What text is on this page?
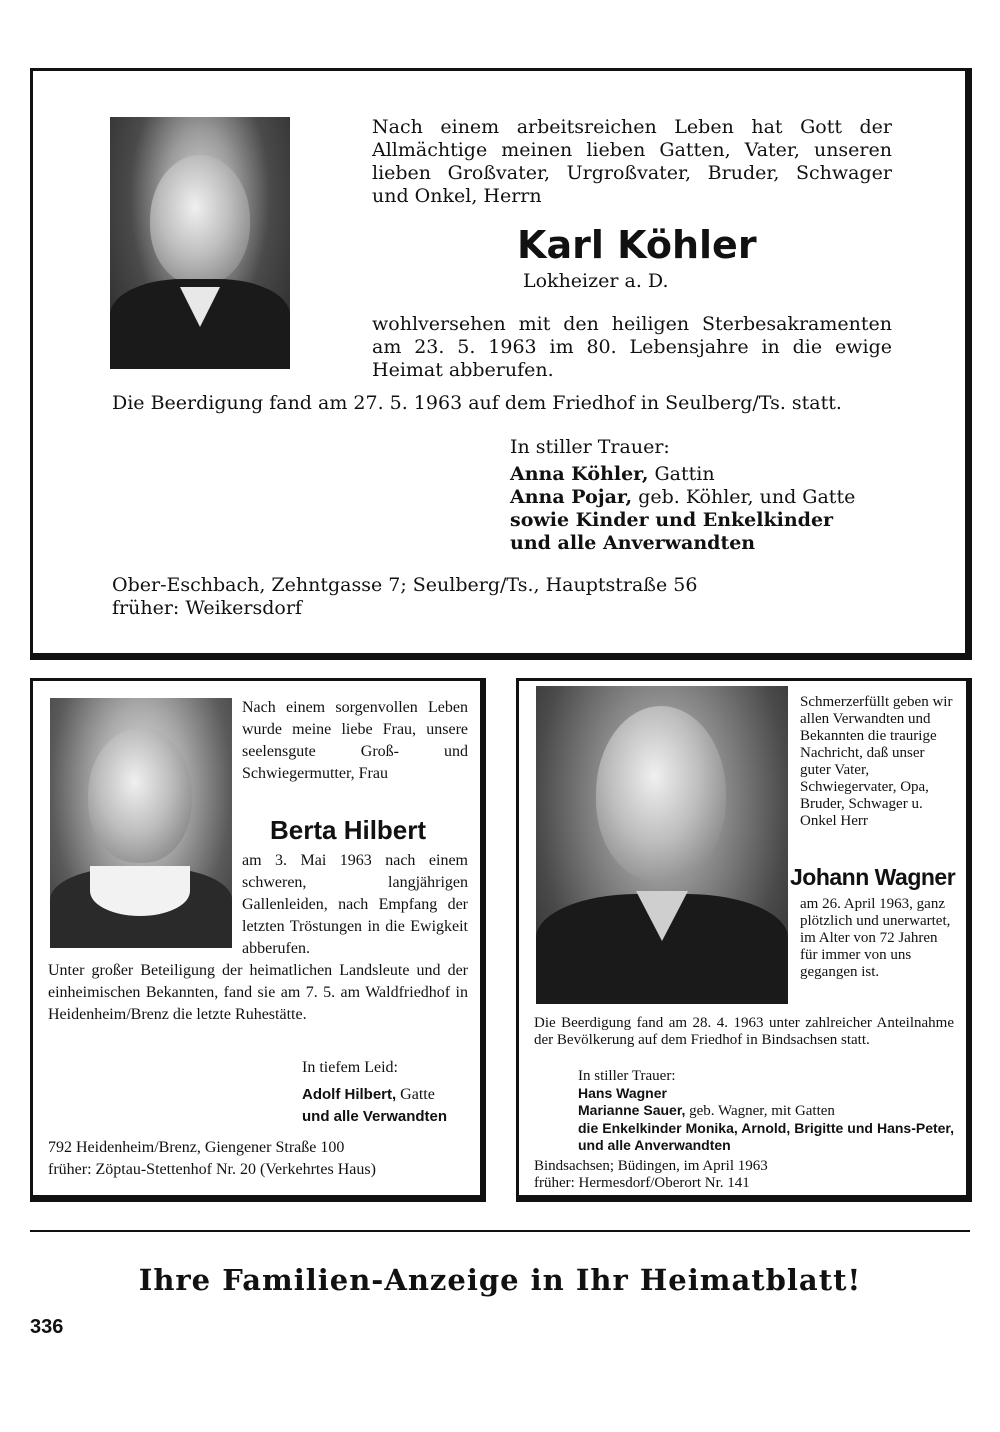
Nach einem arbeitsreichen Leben hat Gott der Allmächtige meinen lieben Gatten, Vater, unseren lieben Großvater, Urgroßvater, Bruder, Schwager und Onkel, Herrn

Karl Köhler
Lokheizer a. D.

wohlversehen mit den heiligen Sterbesakramenten am 23. 5. 1963 im 80. Lebensjahre in die ewige Heimat abberufen.

Die Beerdigung fand am 27. 5. 1963 auf dem Friedhof in Seulberg/Ts. statt.
In stiller Trauer:
Anna Köhler, Gattin
Anna Pojar, geb. Köhler, und Gatte
sowie Kinder und Enkelkinder
und alle Anverwandten
Ober-Eschbach, Zehntgasse 7; Seulberg/Ts., Hauptstraße 56
früher: Weikersdorf

Nach einem sorgenvollen Leben wurde meine liebe Frau, unsere seelensgute Groß- und Schwiegermutter, Frau

Berta Hilbert

am 3. Mai 1963 nach einem schweren, langjährigen Gallenleiden, nach Empfang der letzten Tröstungen in die Ewigkeit abberufen.

Unter großer Beteiligung der heimatlichen Landsleute und der einheimischen Bekannten, fand sie am 7. 5. am Waldfriedhof in Heidenheim/Brenz die letzte Ruhestätte.

In tiefem Leid:
Adolf Hilbert, Gatte
und alle Verwandten
792 Heidenheim/Brenz, Giengener Straße 100
früher: Zöptau-Stettenhof Nr. 20 (Verkehrtes Haus)

Schmerzerfüllt geben wir allen Verwandten und Bekannten die traurige Nachricht, daß unser guter Vater, Schwiegervater, Opa, Bruder, Schwager u. Onkel Herr

Johann Wagner

am 26. April 1963, ganz plötzlich und unerwartet, im Alter von 72 Jahren für immer von uns gegangen ist.

Die Beerdigung fand am 28. 4. 1963 unter zahlreicher Anteilnahme der Bevölkerung auf dem Friedhof in Bindsachsen statt.

In stiller Trauer:
Hans Wagner
Marianne Sauer, geb. Wagner, mit Gatten
die Enkelkinder Monika, Arnold, Brigitte und Hans-Peter, und alle Anverwandten
Bindsachsen; Büdingen, im April 1963
früher: Hermesdorf/Oberort Nr. 141
Ihre Familien-Anzeige in Ihr Heimatblatt!
336
